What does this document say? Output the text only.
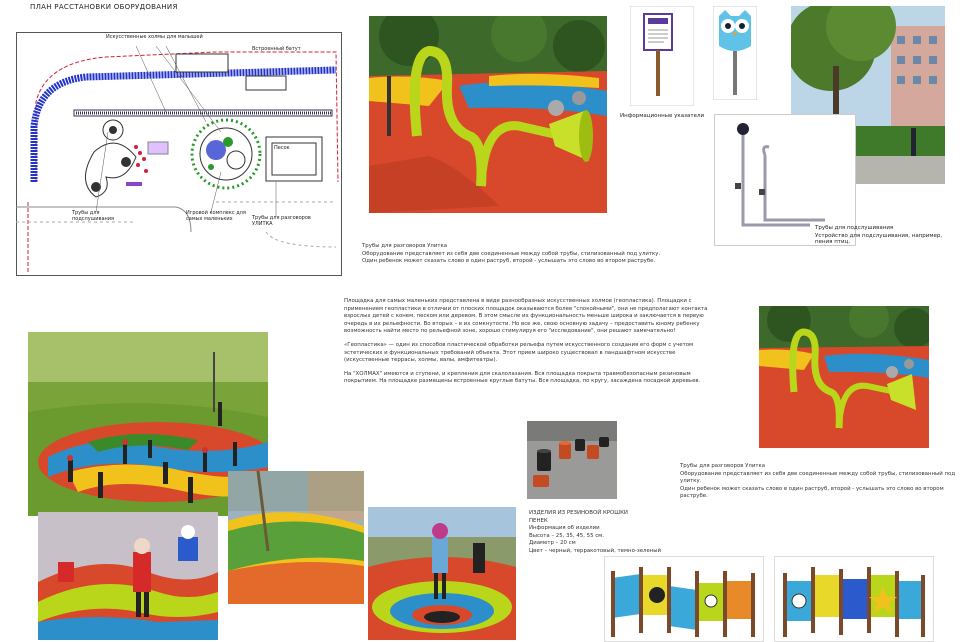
ПЛАН РАССТАНОВКИ ОБОРУДОВАНИЯ
Искусственные холмы для малышей
Встроенный батут
Песок
Трубы для подслушивания
Игровой комплекс для самых маленьких	Трубы для разговоров УЛИТКА
Информационные указатели
Трубы для подслушивания
Устройство для подслушивания, например, пения птиц.
Трубы для разговоров Улитка
Оборудование представляет из себя две соединенные между собой трубы, стилизованный под улитку.
Один ребенок может сказать слово в один раструб, второй - услышать это слово во втором раструбе.

Площадка для самых маленьких представлена в виде разнообразных искусственных холмов (геопластика). Площадки с применением геопластики в отличии от плоских площадок оказываются более "спокойными", они не предполагают контакта взрослых детей с конем, песком или деревом. В этом смысле их функциональность меньше широка и заключается в первую очередь в их рельефности. Во вторых – в их сомкнутости. Но все же, свою основную задачу – предоставить юному ребенку возможность найти место по рельефной зоне, хорошо стимулируя его "исследование", они решают замечательно!

«Геопластика» — один из способов пластической обработки рельефа путем искусственного создания его форм с учетом эстетических и функциональных требований объекта. Этот прием широко существовал в ландшафтном искусстве (искусственные террасы, холмы, валы, амфитеатры).

На "ХОЛМАХ" имеются и ступени, и крепления для скалолазания. Вся площадка покрыта травмобезопасным резиновым покрытием. На площадке размещены встроенные круглые батуты. Вся площадка, по кругу, засаждена посадкой деревьев.

Трубы для разговоров Улитка
Оборудование представляет из себя две соединенные между собой трубы, стилизованный под улитку.
Один ребенок может сказать слово в один раструб, второй - услышать это слово во втором раструбе.
ИЗДЕЛИЯ ИЗ РЕЗИНОВОЙ КРОШКИ
ПЕНЕК
Информация об изделии
Высота – 25, 35, 45, 55 см.
Диаметр – 20 см
Цвет – черный, терракотовый, темно-зеленый
